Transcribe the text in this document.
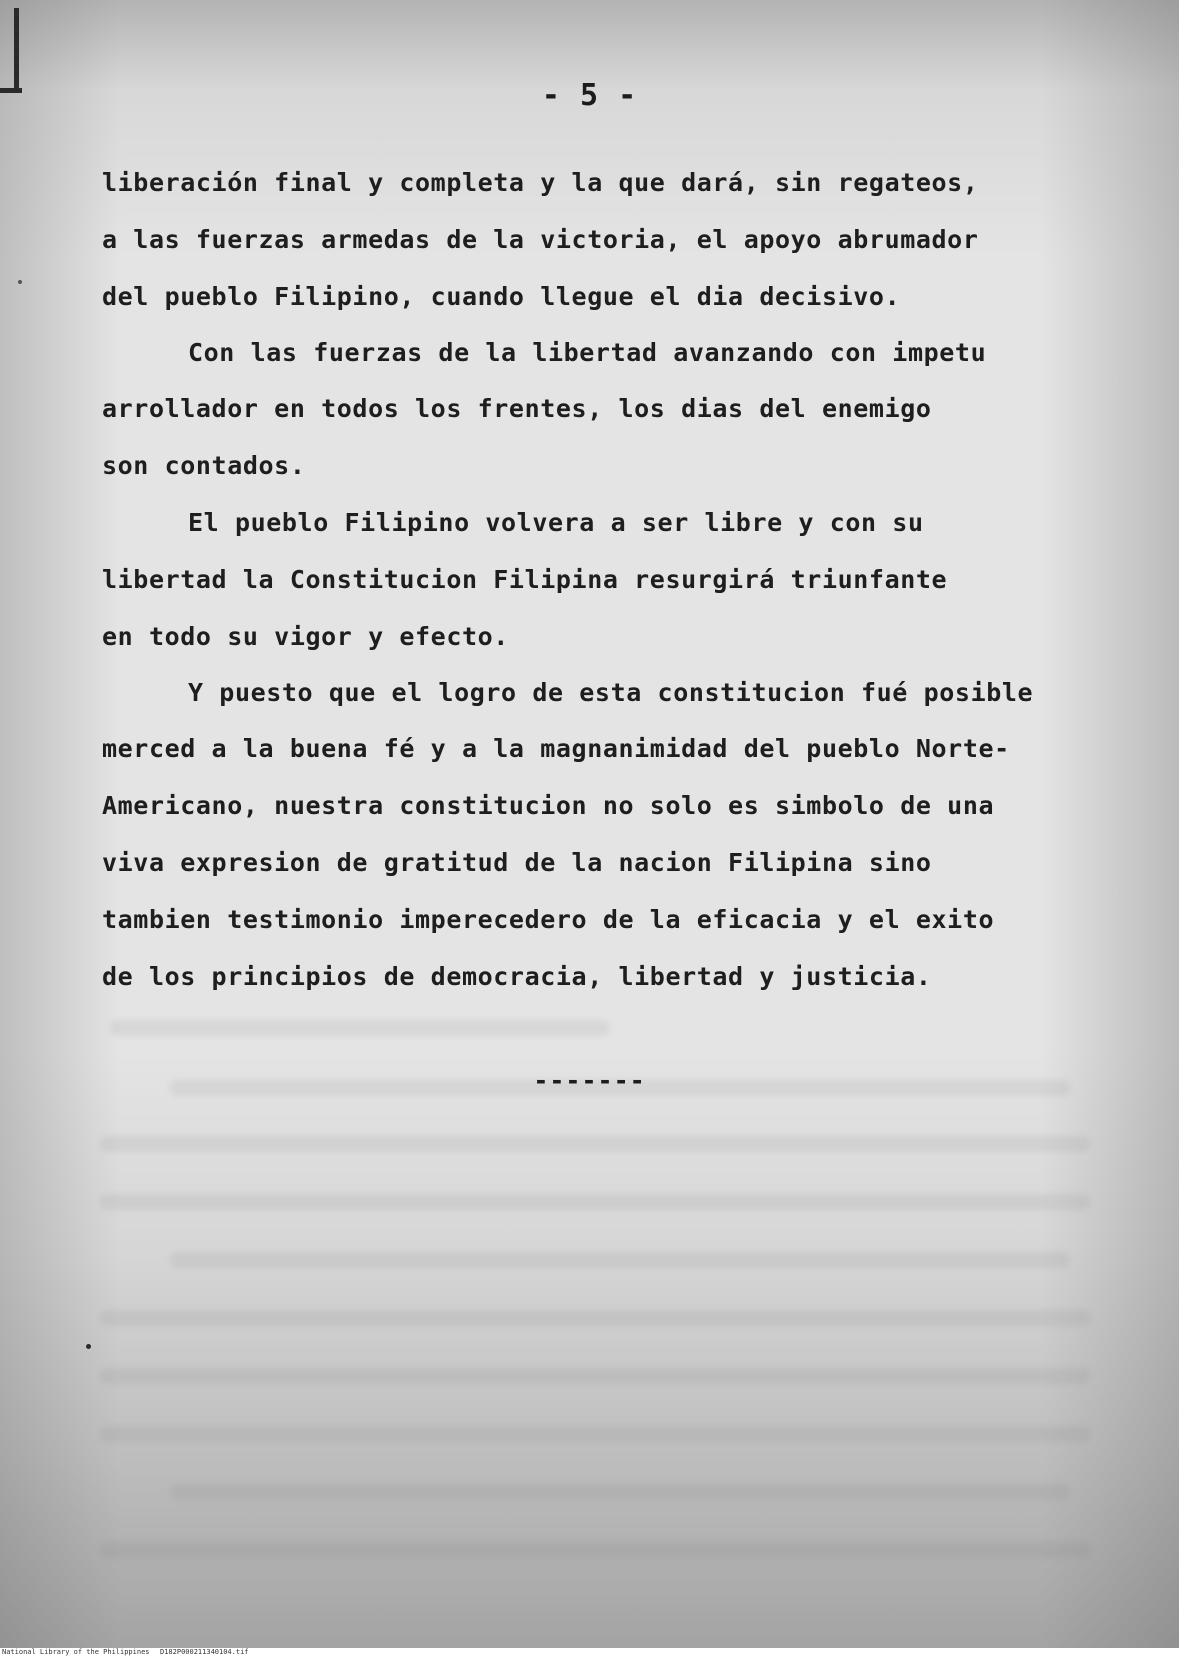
- 5 -
liberación final y completa y la que dará, sin regateos,
a las fuerzas armedas de la victoria, el apoyo abrumador
del pueblo Filipino, cuando llegue el dia decisivo.
Con las fuerzas de la libertad avanzando con impetu
arrollador en todos los frentes, los dias del enemigo
son contados.
El pueblo Filipino volvera a ser libre y con su
libertad la Constitucion Filipina resurgirá triunfante
en todo su vigor y efecto.
Y puesto que el logro de esta constitucion fué posible
merced a la buena fé y a la magnanimidad del pueblo Norte-
Americano, nuestra constitucion no solo es simbolo de una
viva expresion de gratitud de la nacion Filipina sino
tambien testimonio imperecedero de la eficacia y el exito
de los principios de democracia, libertad y justicia.
-------
National Library of the Philippines D182P000211340104.tif
